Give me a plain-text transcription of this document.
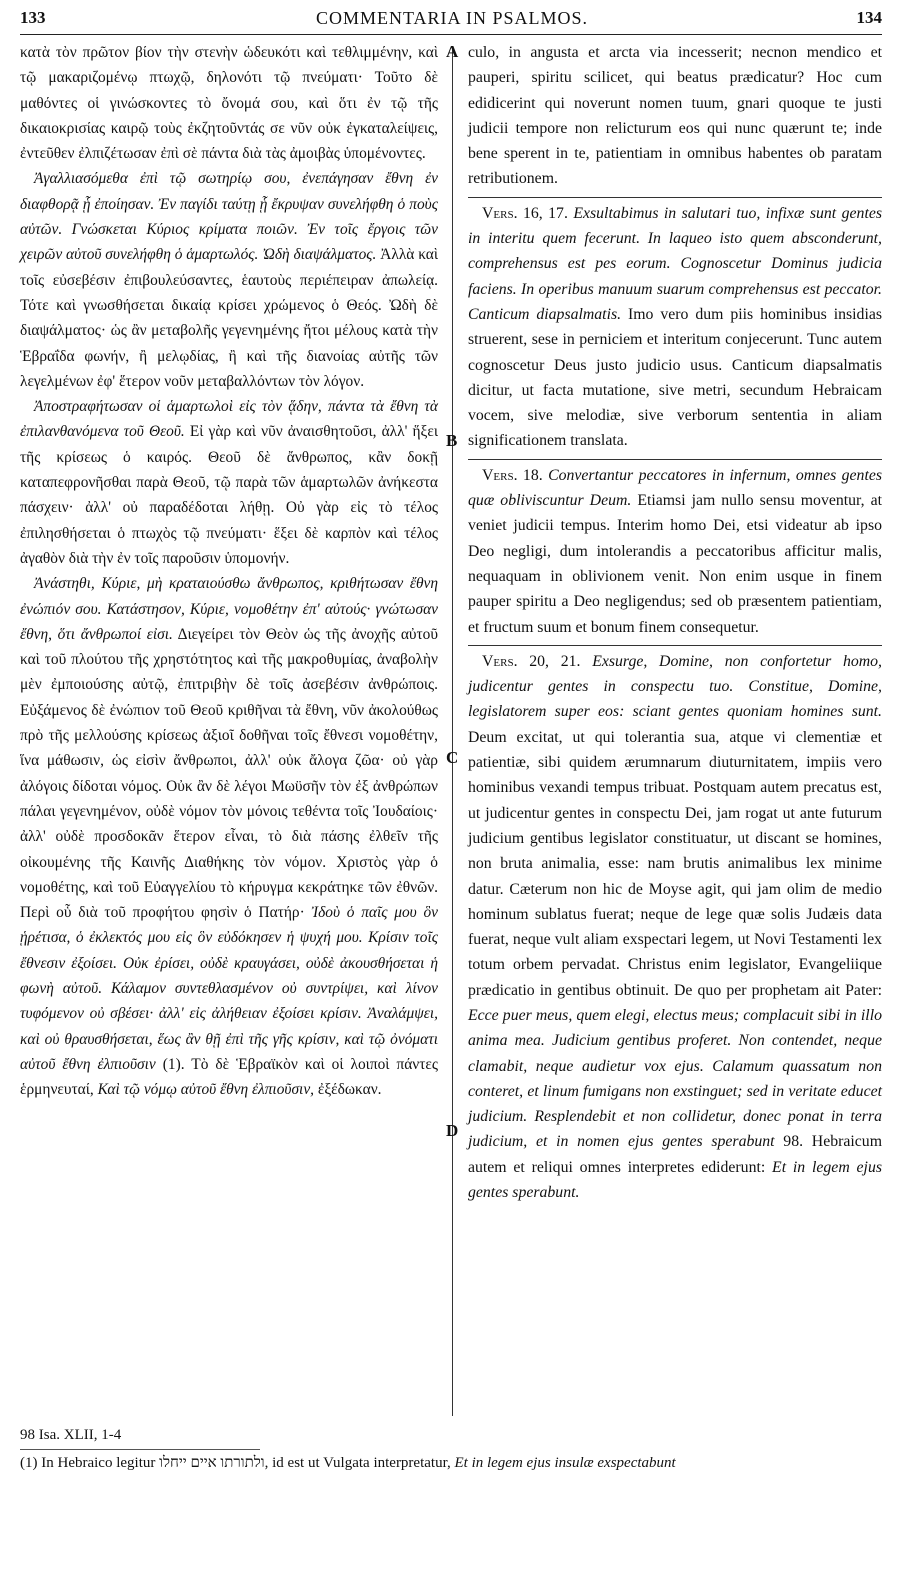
133	COMMENTARIA IN PSALMOS.	134
A
B
C
D

κατὰ τὸν πρῶτον βίον τὴν στενὴν ὡδευκότι καὶ τεθλιμμένην, καὶ τῷ μακαριζομένῳ πτωχῷ, δηλονότι τῷ πνεύματι· Τοῦτο δὲ μαθόντες οἱ γινώσκοντες τὸ ὄνομά σου, καὶ ὅτι ἐν τῷ τῆς δικαιοκρισίας καιρῷ τοὺς ἐκζητοῦντάς σε νῦν οὐκ ἐγκαταλείψεις, ἐντεῦθεν ἐλπιζέτωσαν ἐπὶ σὲ πάντα διὰ τὰς ἀμοιβὰς ὑπομένοντες.

Ἀγαλλιασόμεθα ἐπὶ τῷ σωτηρίῳ σου, ἐνεπάγησαν ἔθνη ἐν διαφθορᾷ ᾗ ἐποίησαν. Ἐν παγίδι ταύτῃ ᾗ ἔκρυψαν συνελήφθη ὁ ποὺς αὐτῶν. Γνώσκεται Κύριος κρίματα ποιῶν. Ἐν τοῖς ἔργοις τῶν χειρῶν αὐτοῦ συνελήφθη ὁ ἁμαρτωλός. Ὠδὴ διαψάλματος. Ἀλλὰ καὶ τοῖς εὐσεβέσιν ἐπιβουλεύσαντες, ἑαυτοὺς περιέπειραν ἀπωλείᾳ. Τότε καὶ γνωσθήσεται δικαίᾳ κρίσει χρώμενος ὁ Θεός. Ὠδὴ δὲ διαψάλματος· ὡς ἂν μεταβολῆς γεγενημένης ἤτοι μέλους κατὰ τὴν Ἑβραΐδα φωνήν, ἢ μελῳδίας, ἢ καὶ τῆς διανοίας αὐτῆς τῶν λεγελμένων ἐφ' ἕτερον νοῦν μεταβαλλόντων τὸν λόγον.

Ἀποστραφήτωσαν οἱ ἁμαρτωλοὶ εἰς τὸν ᾅδην, πάντα τὰ ἔθνη τὰ ἐπιλανθανόμενα τοῦ Θεοῦ. Εἰ γὰρ καὶ νῦν ἀναισθητοῦσι, ἀλλ' ἥξει τῆς κρίσεως ὁ καιρός. Θεοῦ δὲ ἄνθρωπος, κἂν δοκῇ καταπεφρονῆσθαι παρὰ Θεοῦ, τῷ παρὰ τῶν ἁμαρτωλῶν ἀνήκεστα πάσχειν· ἀλλ' οὐ παραδέδοται λήθῃ. Οὐ γὰρ εἰς τὸ τέλος ἐπιλησθήσεται ὁ πτωχὸς τῷ πνεύματι· ἕξει δὲ καρπὸν καὶ τέλος ἀγαθὸν διὰ τὴν ἐν τοῖς παροῦσιν ὑπομονήν.

Ἀνάστηθι, Κύριε, μὴ κραταιούσθω ἄνθρωπος, κριθήτωσαν ἔθνη ἐνώπιόν σου. Κατάστησον, Κύριε, νομοθέτην ἐπ' αὐτούς· γνώτωσαν ἔθνη, ὅτι ἄνθρωποί εἰσι. Διεγείρει τὸν Θεὸν ὡς τῆς ἀνοχῆς αὐτοῦ καὶ τοῦ πλούτου τῆς χρηστότητος καὶ τῆς μακροθυμίας, ἀναβολὴν μὲν ἐμποιούσης αὐτῷ, ἐπιτριβὴν δὲ τοῖς ἀσεβέσιν ἀνθρώποις. Εὐξάμενος δὲ ἐνώπιον τοῦ Θεοῦ κριθῆναι τὰ ἔθνη, νῦν ἀκολούθως πρὸ τῆς μελλούσης κρίσεως ἀξιοῖ δοθῆναι τοῖς ἔθνεσι νομοθέτην, ἵνα μάθωσιν, ὡς εἰσὶν ἄνθρωποι, ἀλλ' οὐκ ἄλογα ζῶα· οὐ γὰρ ἀλόγοις δίδοται νόμος. Οὐκ ἂν δὲ λέγοι Μωϋσῆν τὸν ἐξ ἀνθρώπων πάλαι γεγενημένον, οὐδὲ νόμον τὸν μόνοις τεθέντα τοῖς Ἰουδαίοις· ἀλλ' οὐδὲ προσδοκᾶν ἕτερον εἶναι, τὸ διὰ πάσης ἐλθεῖν τῆς οἰκουμένης τῆς Καινῆς Διαθήκης τὸν νόμον. Χριστὸς γὰρ ὁ νομοθέτης, καὶ τοῦ Εὐαγγελίου τὸ κήρυγμα κεκράτηκε τῶν ἐθνῶν. Περὶ οὗ διὰ τοῦ προφήτου φησὶν ὁ Πατήρ· Ἰδοὺ ὁ παῖς μου ὃν ᾑρέτισα, ὁ ἐκλεκτός μου εἰς ὃν εὐδόκησεν ἡ ψυχή μου. Κρίσιν τοῖς ἔθνεσιν ἐξοίσει. Οὐκ ἐρίσει, οὐδὲ κραυγάσει, οὐδὲ ἀκουσθήσεται ἡ φωνὴ αὐτοῦ. Κάλαμον συντεθλασμένον οὐ συντρίψει, καὶ λίνον τυφόμενον οὐ σβέσει· ἀλλ' εἰς ἀλήθειαν ἐξοίσει κρίσιν. Ἀναλάμψει, καὶ οὐ θραυσθήσεται, ἕως ἂν θῇ ἐπὶ τῆς γῆς κρίσιν, καὶ τῷ ὀνόματι αὐτοῦ ἔθνη ἐλπιοῦσιν (1). Τὸ δὲ Ἑβραϊκὸν καὶ οἱ λοιποὶ πάντες ἑρμηνευταί, Καὶ τῷ νόμῳ αὐτοῦ ἔθνη ἐλπιοῦσιν, ἐξέδωκαν.

culo, in angusta et arcta via incesserit; necnon mendico et pauperi, spiritu scilicet, qui beatus prædicatur? Hoc cum edidicerint qui noverunt nomen tuum, gnari quoque te justi judicii tempore non relicturum eos qui nunc quærunt te; inde bene sperent in te, patientiam in omnibus habentes ob paratam retributionem.

Vers. 16, 17. Exsultabimus in salutari tuo, infixæ sunt gentes in interitu quem fecerunt. In laqueo isto quem absconderunt, comprehensus est pes eorum. Cognoscetur Dominus judicia faciens. In operibus manuum suarum comprehensus est peccator. Canticum diapsalmatis. Imo vero dum piis hominibus insidias struerent, sese in perniciem et interitum conjecerunt. Tunc autem cognoscetur Deus justo judicio usus. Canticum diapsalmatis dicitur, ut facta mutatione, sive metri, secundum Hebraicam vocem, sive melodiæ, sive verborum sententia in aliam significationem translata.

Vers. 18. Convertantur peccatores in infernum, omnes gentes quæ obliviscuntur Deum. Etiamsi jam nullo sensu moventur, at veniet judicii tempus. Interim homo Dei, etsi videatur ab ipso Deo negligi, dum intolerandis a peccatoribus afficitur malis, nequaquam in oblivionem venit. Non enim usque in finem pauper spiritu a Deo negligendus; sed ob præsentem patientiam, et fructum suum et bonum finem consequetur.

Vers. 20, 21. Exsurge, Domine, non confortetur homo, judicentur gentes in conspectu tuo. Constitue, Domine, legislatorem super eos: sciant gentes quoniam homines sunt. Deum excitat, ut qui tolerantia sua, atque vi clementiæ et patientiæ, sibi quidem ærumnarum diuturnitatem, impiis vero hominibus vexandi tempus tribuat. Postquam autem precatus est, ut judicentur gentes in conspectu Dei, jam rogat ut ante futurum judicium gentibus legislator constituatur, ut discant se homines, non bruta animalia, esse: nam brutis animalibus lex minime datur. Cæterum non hic de Moyse agit, qui jam olim de medio hominum sublatus fuerat; neque de lege quæ solis Judæis data fuerat, neque vult aliam exspectari legem, ut Novi Testamenti lex totum orbem pervadat. Christus enim legislator, Evangeliique prædicatio in gentibus obtinuit. De quo per prophetam ait Pater: Ecce puer meus, quem elegi, electus meus; complacuit sibi in illo anima mea. Judicium gentibus proferet. Non contendet, neque clamabit, neque audietur vox ejus. Calamum quassatum non conteret, et linum fumigans non exstinguet; sed in veritate educet judicium. Resplendebit et non collidetur, donec ponat in terra judicium, et in nomen ejus gentes sperabunt 98. Hebraicum autem et reliqui omnes interpretes ediderunt: Et in legem ejus gentes sperabunt.

98 Isa. XLII, 1-4
(1) In Hebraico legitur ולתורתו איים ייחלו, id est ut Vulgata interpretatur, Et in legem ejus insulæ exspectabunt
